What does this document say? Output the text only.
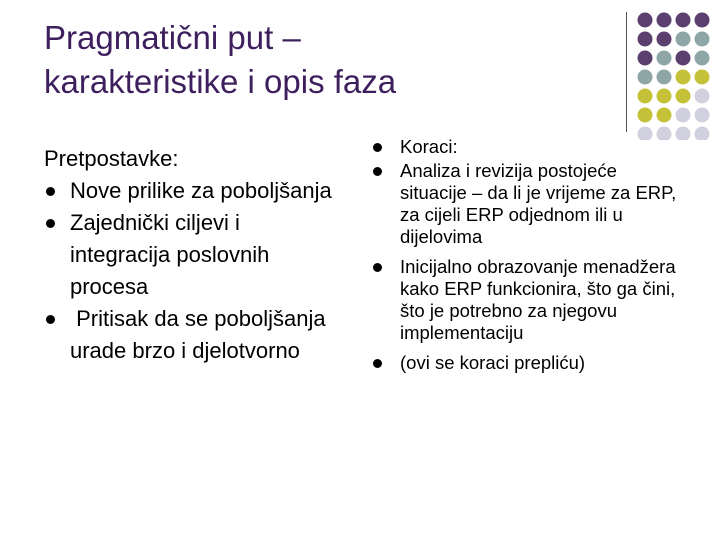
Pragmatični put –
karakteristike i opis faza
Pretpostavke:
Nove prilike za poboljšanja
Zajednički ciljevi i integracija poslovnih procesa
Pritisak da se poboljšanja urade brzo i djelotvorno
Koraci:
Analiza i revizija postojeće situacije – da li je vrijeme za ERP, za cijeli ERP odjednom ili u dijelovima
Inicijalno obrazovanje menadžera kako ERP funkcionira, što ga čini, što je potrebno za njegovu implementaciju
(ovi se koraci prepliću)
